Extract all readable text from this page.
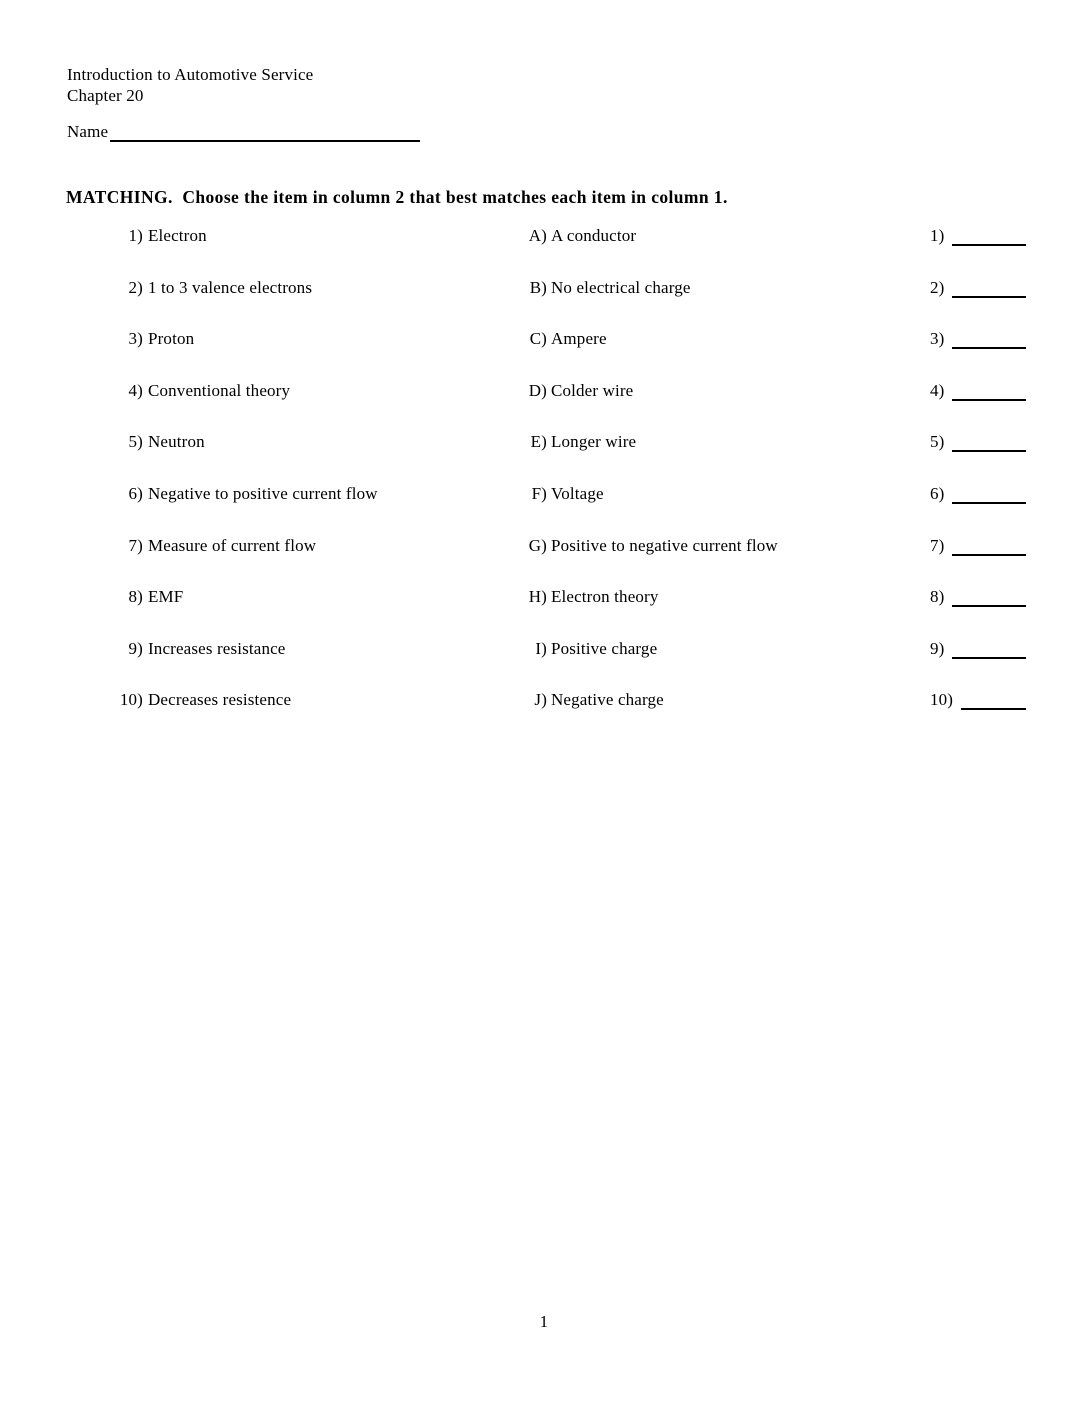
Introduction to Automotive Service
Chapter 20
Name
MATCHING.  Choose the item in column 2 that best matches each item in column 1.
1) Electron	A) A conductor	1)
2) 1 to 3 valence electrons	B) No electrical charge	2)
3) Proton	C) Ampere	3)
4) Conventional theory	D) Colder wire	4)
5) Neutron	E) Longer wire	5)
6) Negative to positive current flow	F) Voltage	6)
7) Measure of current flow	G) Positive to negative current flow	7)
8) EMF	H) Electron theory	8)
9) Increases resistance	I) Positive charge	9)
10) Decreases resistence	J) Negative charge	10)
1
